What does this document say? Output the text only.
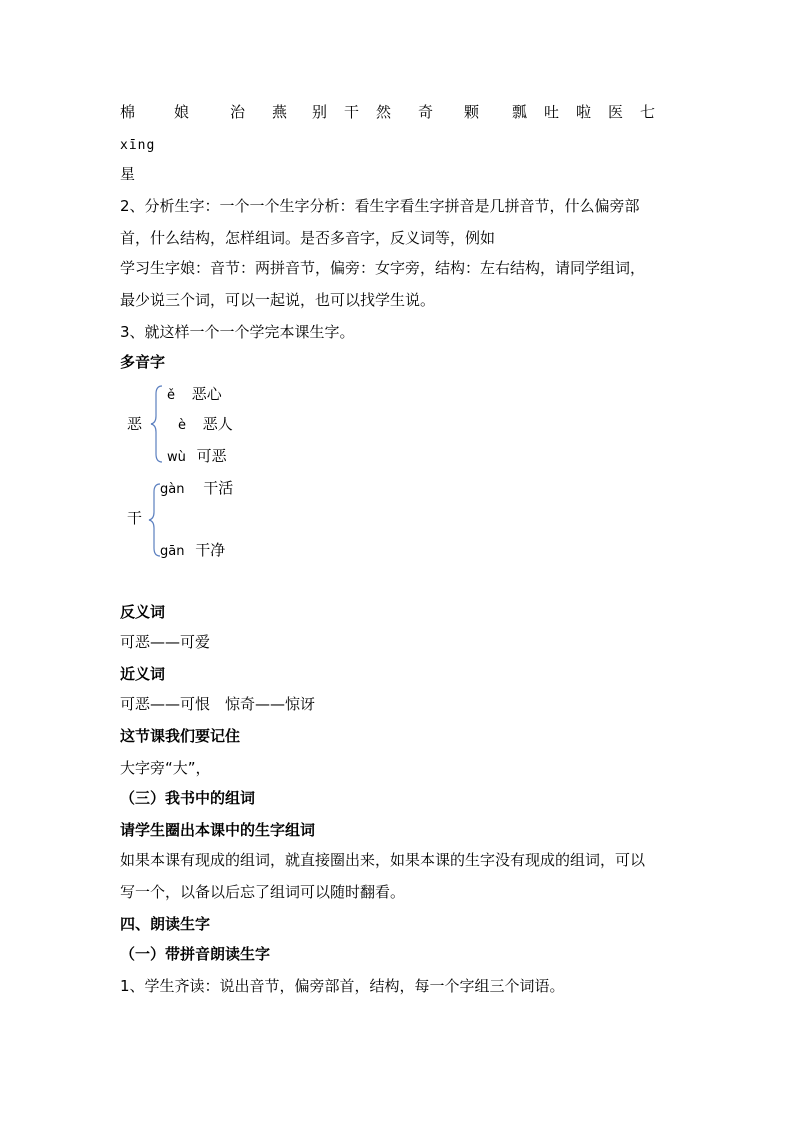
棉	娘	治 燕 别 干 然 奇 颗 瓢 吐 啦 医 七
xīng
星
2、分析生字：一个一个生字分析：看生字看生字拼音是几拼音节，什么偏旁部
首，什么结构，怎样组词。是否多音字，反义词等，例如
学习生字娘：音节：两拼音节，偏旁：女字旁，结构：左右结构，请同学组词，
最少说三个词，可以一起说，也可以找学生说。
3、就这样一个一个学完本课生字。
多音字
恶
ě 恶心
è 恶人
wù 可恶
干
gàn 干活
gān 干净
反义词
可恶——可爱
近义词
可恶——可恨　惊奇——惊讶
这节课我们要记住
大字旁“大”，
（三）我书中的组词
请学生圈出本课中的生字组词
如果本课有现成的组词，就直接圈出来，如果本课的生字没有现成的组词，可以
写一个，以备以后忘了组词可以随时翻看。
四、朗读生字
（一）带拼音朗读生字
1、学生齐读：说出音节，偏旁部首，结构，每一个字组三个词语。
